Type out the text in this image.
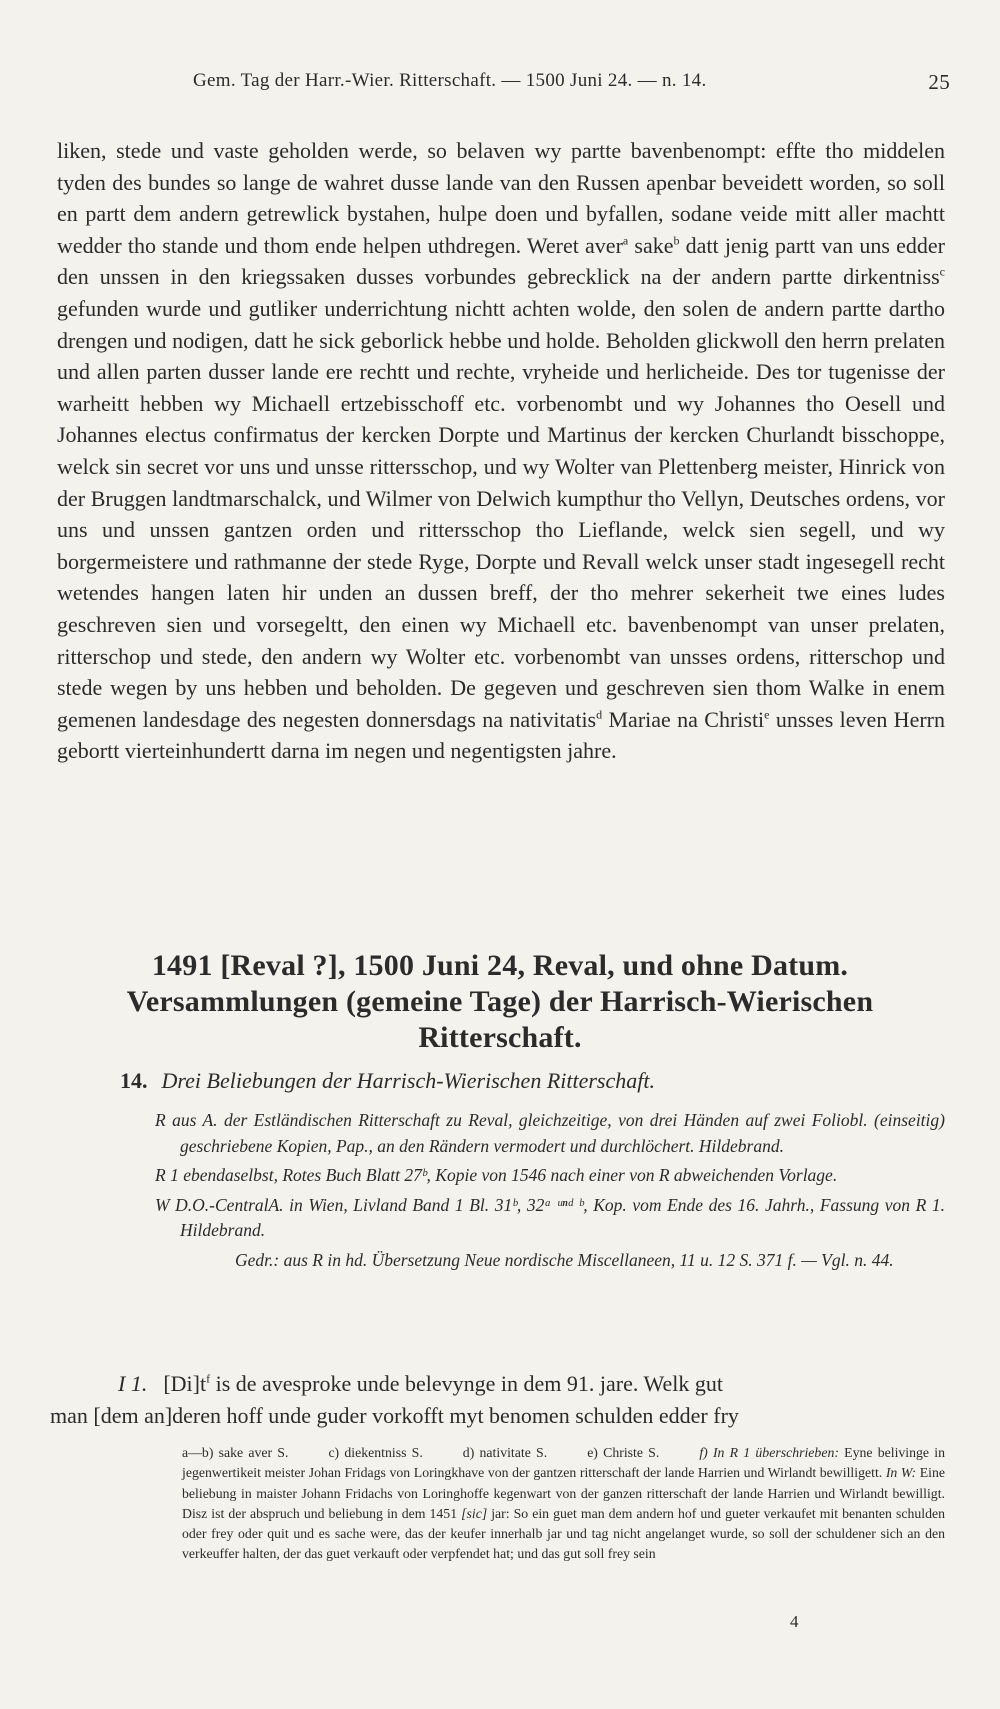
Gem. Tag der Harr.-Wier. Ritterschaft. — 1500 Juni 24. — n. 14.	25

liken, stede und vaste geholden werde, so belaven wy partte bavenbenompt: effte tho middelen tyden des bundes so lange de wahret dusse lande van den Russen apenbar beveidett worden, so soll en partt dem andern getrewlick bystahen, hulpe doen und byfallen, sodane veide mitt aller machtt wedder tho stande und thom ende helpen uthdregen. Weret aver$^a$ sake$^b$ datt jenig partt van uns edder den unssen in den kriegssaken dusses vorbundes gebrecklick na der andern partte dirkentniss$^c$ gefunden wurde und gutliker underrichtung nichtt achten wolde, den solen de andern partte dartho drengen und nodigen, datt he sick geborlick hebbe und holde. Beholden glickwoll den herrn prelaten und allen parten dusser lande ere rechtt und rechte, vryheide und herlicheide. Des tor tugenisse der warheitt hebben wy Michaell ertzebisschoff etc. vorbenombt und wy Johannes tho Oesell und Johannes electus confirmatus der kercken Dorpte und Martinus der kercken Churlandt bisschoppe, welck sin secret vor uns und unsse rittersschop, und wy Wolter van Plettenberg meister, Hinrick von der Bruggen landtmarschalck, und Wilmer von Delwich kumpthur tho Vellyn, Deutsches ordens, vor uns und unssen gantzen orden und rittersschop tho Lieflande, welck sien segell, und wy borgermeistere und rathmanne der stede Ryge, Dorpte und Revall welck unser stadt ingesegell recht wetendes hangen laten hir unden an dussen breff, der tho mehrer sekerheit twe eines ludes geschreven sien und vorsegeltt, den einen wy Michaell etc. bavenbenompt van unser prelaten, ritterschop und stede, den andern wy Wolter etc. vorbenombt van unsses ordens, ritterschop und stede wegen by uns hebben und beholden. De gegeven und geschreven sien thom Walke in enem gemenen landesdage des negesten donnersdags na nativitatis$^d$ Mariae na Christi$^e$ unsses leven Herrn gebortt vierteinhundertt darna im negen und negentigsten jahre.

1491 [Reval ?], 1500 Juni 24, Reval, und ohne Datum.
Versammlungen (gemeine Tage) der Harrisch-Wierischen
Ritterschaft.
14. Drei Beliebungen der Harrisch-Wierischen Ritterschaft.

R aus A. der Estländischen Ritterschaft zu Reval, gleichzeitige, von drei Händen auf zwei Foliobl. (einseitig) geschriebene Kopien, Pap., an den Rändern vermodert und durchlöchert. Hildebrand.

R 1 ebendaselbst, Rotes Buch Blatt 27ᵇ, Kopie von 1546 nach einer von R abweichenden Vorlage.

W D.O.-CentralA. in Wien, Livland Band 1 Bl. 31ᵇ, 32ᵃ ᵘⁿᵈ ᵇ, Kop. vom Ende des 16. Jahrh., Fassung von R 1. Hildebrand.

Gedr.: aus R in hd. Übersetzung Neue nordische Miscellaneen, 11 u. 12 S. 371 f. — Vgl. n. 44.

I 1. $[Di]t^f$ is de avesproke unde belevynge in dem 91. jare. Welk gut
man [dem an]deren hoff unde guder vorkofft myt benomen schulden edder fry

a—b) sake aver S.	c) diekentniss S.	d) nativitate S.	e) Christe S.	f) In R 1 überschrieben: Eyne belivinge in jegenwertikeit meister Johan Fridags von Loringkhave von der gantzen ritterschaft der lande Harrien und Wirlandt bewilligett. In W: Eine beliebung in maister Johann Fridachs von Loringhoffe kegenwart von der ganzen ritterschaft der lande Harrien und Wirlandt bewilligt. Disz ist der abspruch und beliebung in dem 1451 [sic] jar: So ein guet man dem andern hof und gueter verkaufet mit benanten schulden oder frey oder quit und es sache were, das der keufer innerhalb jar und tag nicht angelanget wurde, so soll der schuldener sich an den verkeuffer halten, der das guet verkauft oder verpfendet hat; und das gut soll frey sein

4
